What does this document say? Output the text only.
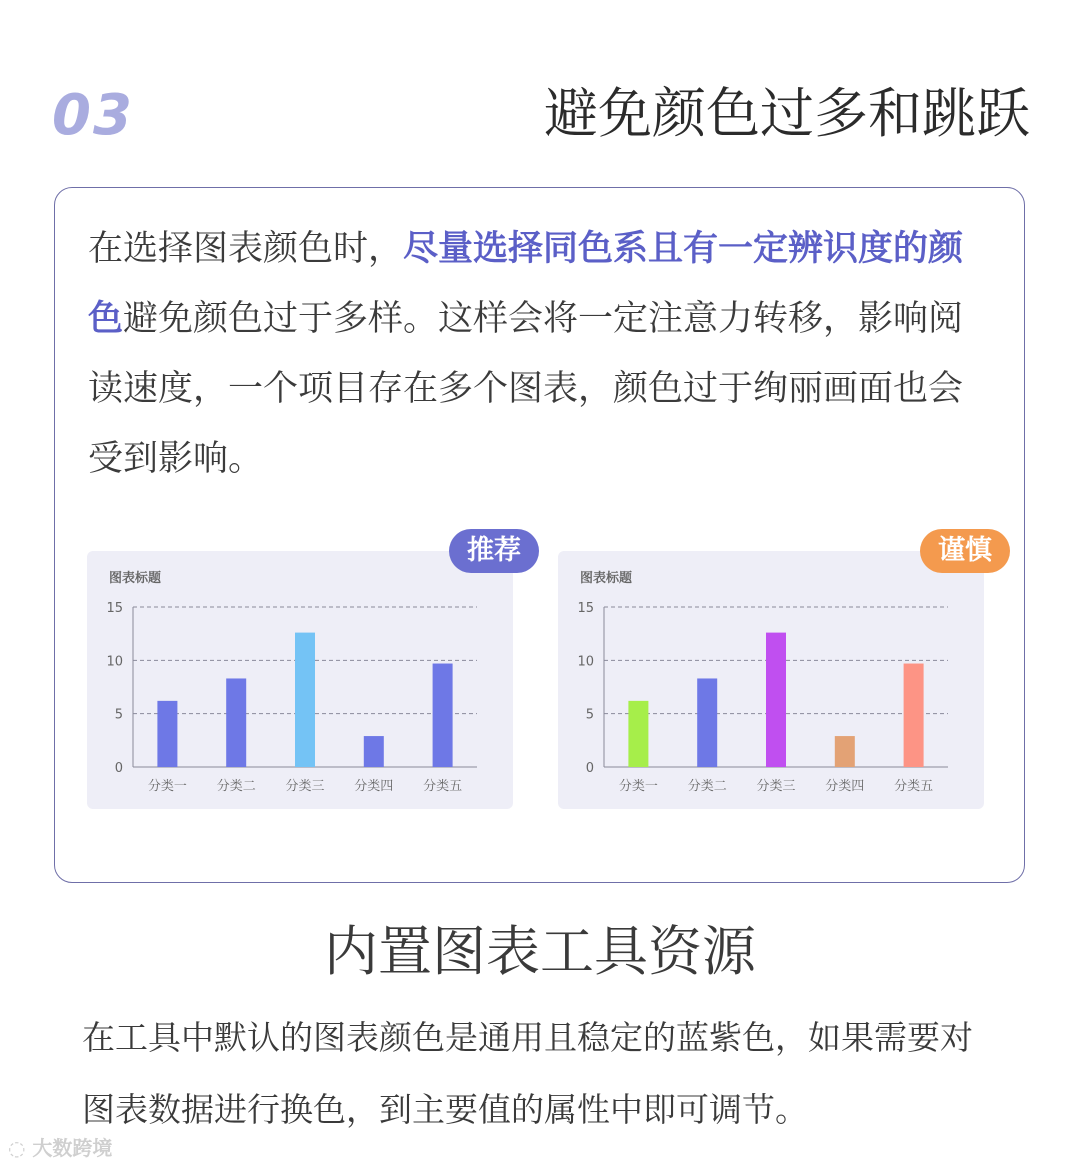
03	避免颜色过多和跳跃

在选择图表颜色时，尽量选择同色系且有一定辨识度的颜色避免颜色过于多样。这样会将一定注意力转移，影响阅读速度，一个项目存在多个图表，颜色过于绚丽画面也会受到影响。

图表标题
0
5
10
15
分类一 分类二 分类三 分类四 分类五
推荐
图表标题
0
5
10
15
分类一 分类二 分类三 分类四 分类五
谨慎
内置图表工具资源

在工具中默认的图表颜色是通用且稳定的蓝紫色，如果需要对图表数据进行换色，到主要值的属性中即可调节。

◌ 大数跨境
